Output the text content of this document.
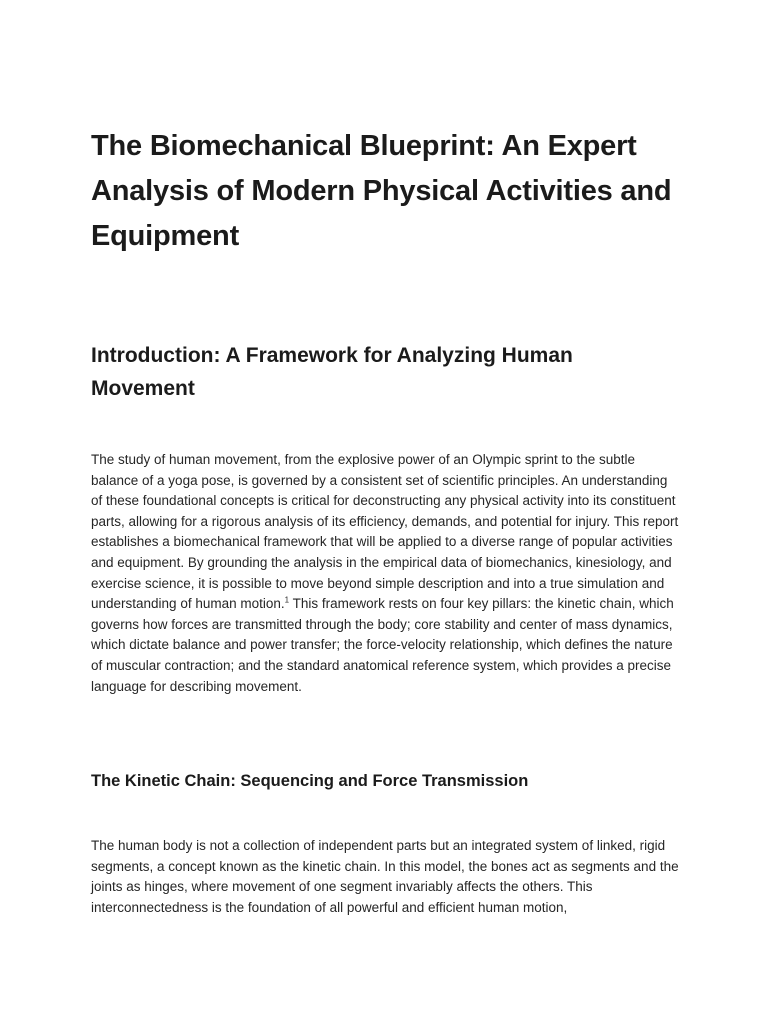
The Biomechanical Blueprint: An Expert Analysis of Modern Physical Activities and Equipment
Introduction: A Framework for Analyzing Human Movement

The study of human movement, from the explosive power of an Olympic sprint to the subtle balance of a yoga pose, is governed by a consistent set of scientific principles. An understanding of these foundational concepts is critical for deconstructing any physical activity into its constituent parts, allowing for a rigorous analysis of its efficiency, demands, and potential for injury. This report establishes a biomechanical framework that will be applied to a diverse range of popular activities and equipment. By grounding the analysis in the empirical data of biomechanics, kinesiology, and exercise science, it is possible to move beyond simple description and into a true simulation and understanding of human motion.$^1$ This framework rests on four key pillars: the kinetic chain, which governs how forces are transmitted through the body; core stability and center of mass dynamics, which dictate balance and power transfer; the force-velocity relationship, which defines the nature of muscular contraction; and the standard anatomical reference system, which provides a precise language for describing movement.

The Kinetic Chain: Sequencing and Force Transmission

The human body is not a collection of independent parts but an integrated system of linked, rigid segments, a concept known as the kinetic chain. In this model, the bones act as segments and the joints as hinges, where movement of one segment invariably affects the others. This interconnectedness is the foundation of all powerful and efficient human motion,
